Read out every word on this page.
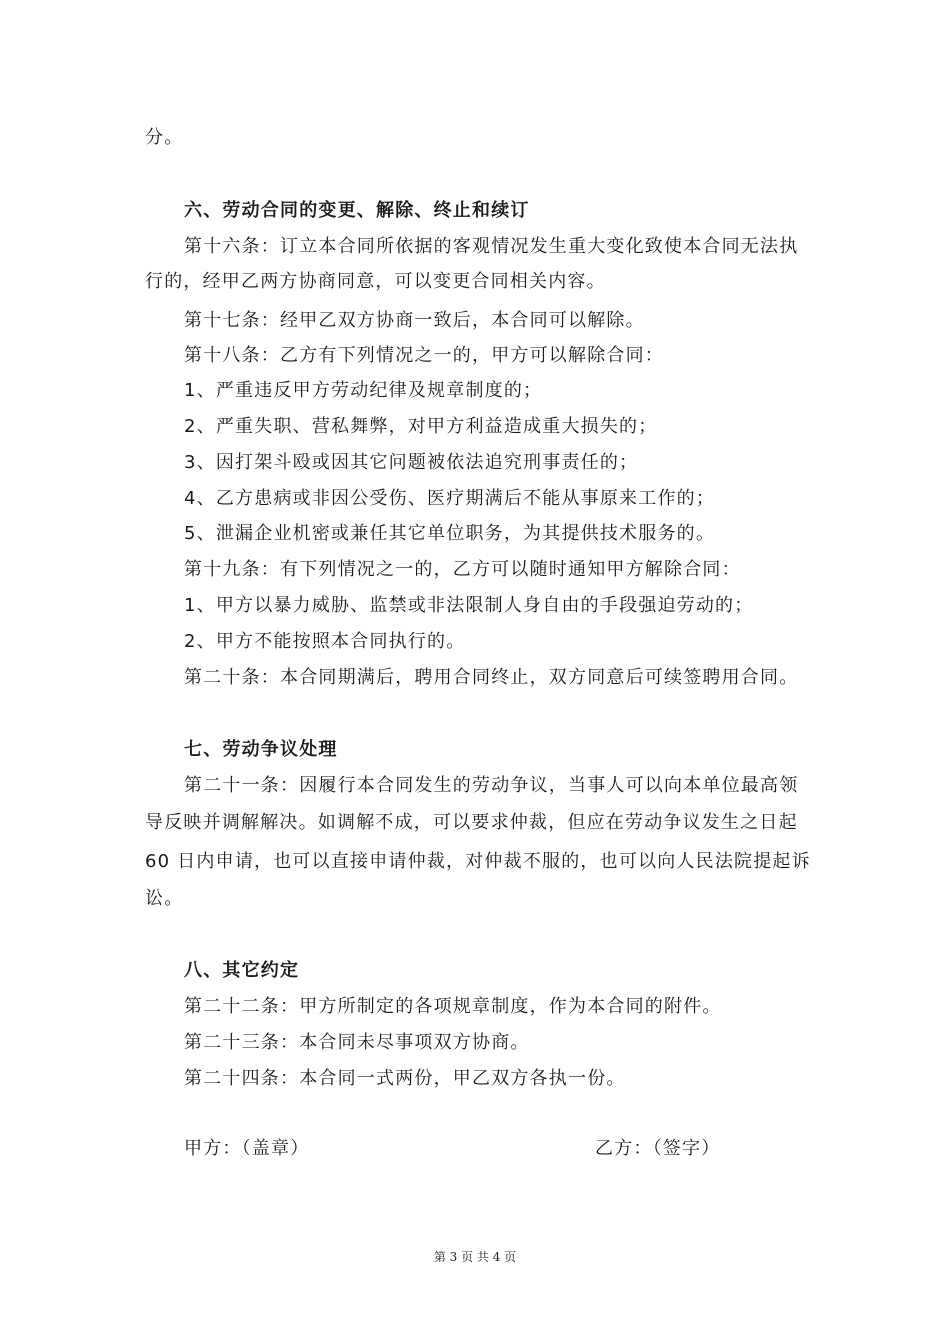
分。
六、劳动合同的变更、解除、终止和续订
第十六条：订立本合同所依据的客观情况发生重大变化致使本合同无法执
行的，经甲乙两方协商同意，可以变更合同相关内容。
第十七条：经甲乙双方协商一致后，本合同可以解除。
第十八条：乙方有下列情况之一的，甲方可以解除合同：
1、严重违反甲方劳动纪律及规章制度的；
2、严重失职、营私舞弊，对甲方利益造成重大损失的；
3、因打架斗殴或因其它问题被依法追究刑事责任的；
4、乙方患病或非因公受伤、医疗期满后不能从事原来工作的；
5、泄漏企业机密或兼任其它单位职务，为其提供技术服务的。
第十九条：有下列情况之一的，乙方可以随时通知甲方解除合同：
1、甲方以暴力威胁、监禁或非法限制人身自由的手段强迫劳动的；
2、甲方不能按照本合同执行的。
第二十条：本合同期满后，聘用合同终止，双方同意后可续签聘用合同。
七、劳动争议处理
第二十一条：因履行本合同发生的劳动争议，当事人可以向本单位最高领
导反映并调解解决。如调解不成，可以要求仲裁，但应在劳动争议发生之日起
60 日内申请，也可以直接申请仲裁，对仲裁不服的，也可以向人民法院提起诉
讼。
八、其它约定
第二十二条：甲方所制定的各项规章制度，作为本合同的附件。
第二十三条：本合同未尽事项双方协商。
第二十四条：本合同一式两份，甲乙双方各执一份。
甲方：（盖章）	乙方：（签字）
第 3 页 共 4 页
